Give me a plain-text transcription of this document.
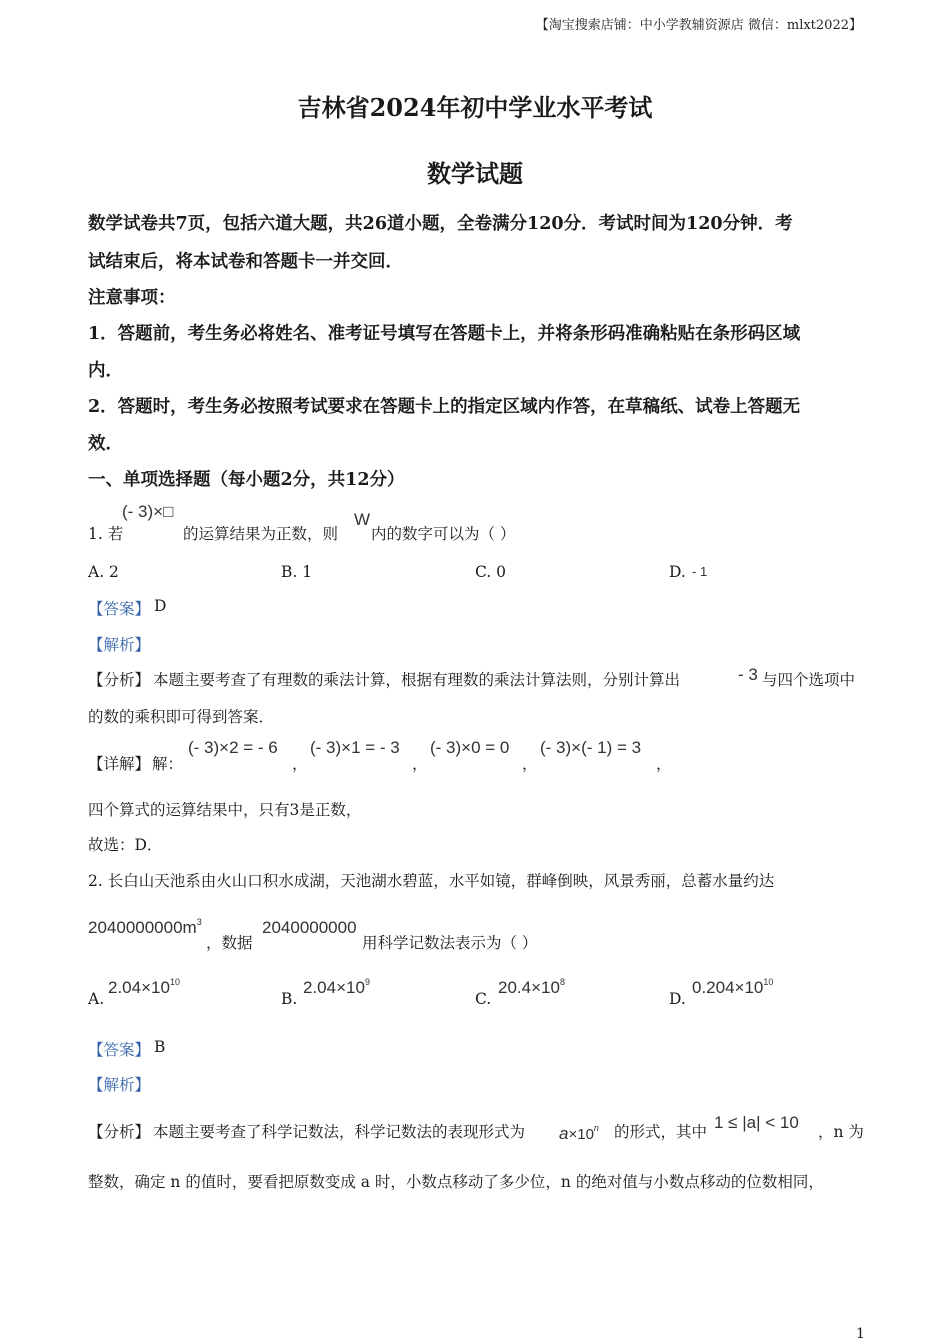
【淘宝搜索店铺：中小学教辅资源店 微信：mlxt2022】
吉林省2024年初中学业水平考试
数学试题
数学试卷共7页，包括六道大题，共26道小题，全卷满分120分．考试时间为120分钟．考
试结束后，将本试卷和答题卡一并交回．
注意事项：
1．答题前，考生务必将姓名、准考证号填写在答题卡上，并将条形码准确粘贴在条形码区域
内．
2．答题时，考生务必按照考试要求在答题卡上的指定区域内作答，在草稿纸、试卷上答题无
效．
一、单项选择题（每小题2分，共12分）
1. 若
(- 3)×□
的运算结果为正数，则
W
内的数字可以为（ ）
A. 2	B. 1	C. 0	D. - 1
【答案】 D
【解析】
【分析】 本题主要考查了有理数的乘法计算，根据有理数的乘法计算法则，分别计算出	- 3 与四个选项中
的数的乘积即可得到答案．
【详解】 解：
(- 3)×2 = - 6
，
(- 3)×1 = - 3
，
(- 3)×0 = 0
，
(- 3)×(- 1) = 3
，
四个算式的运算结果中，只有3是正数，
故选：D．
2. 长白山天池系由火山口积水成湖，天池湖水碧蓝，水平如镜，群峰倒映，风景秀丽，总蓄水量约达
$2040000000m^3$
，数据
2040000000
用科学记数法表示为（ ）
A.
$2.04\times 10^{10}$
B.
$2.04\times 10^9$
C.
$20.4\times 10^8$
D.
$0.204\times 10^{10}$
【答案】 B
【解析】
【分析】 本题主要考查了科学记数法，科学记数法的表现形式为 $a\times 10^n$ 的形式，其中 1 ≤ |a| < 10 ，n 为
整数，确定 n 的值时，要看把原数变成 a 时，小数点移动了多少位，n 的绝对值与小数点移动的位数相同，
1
